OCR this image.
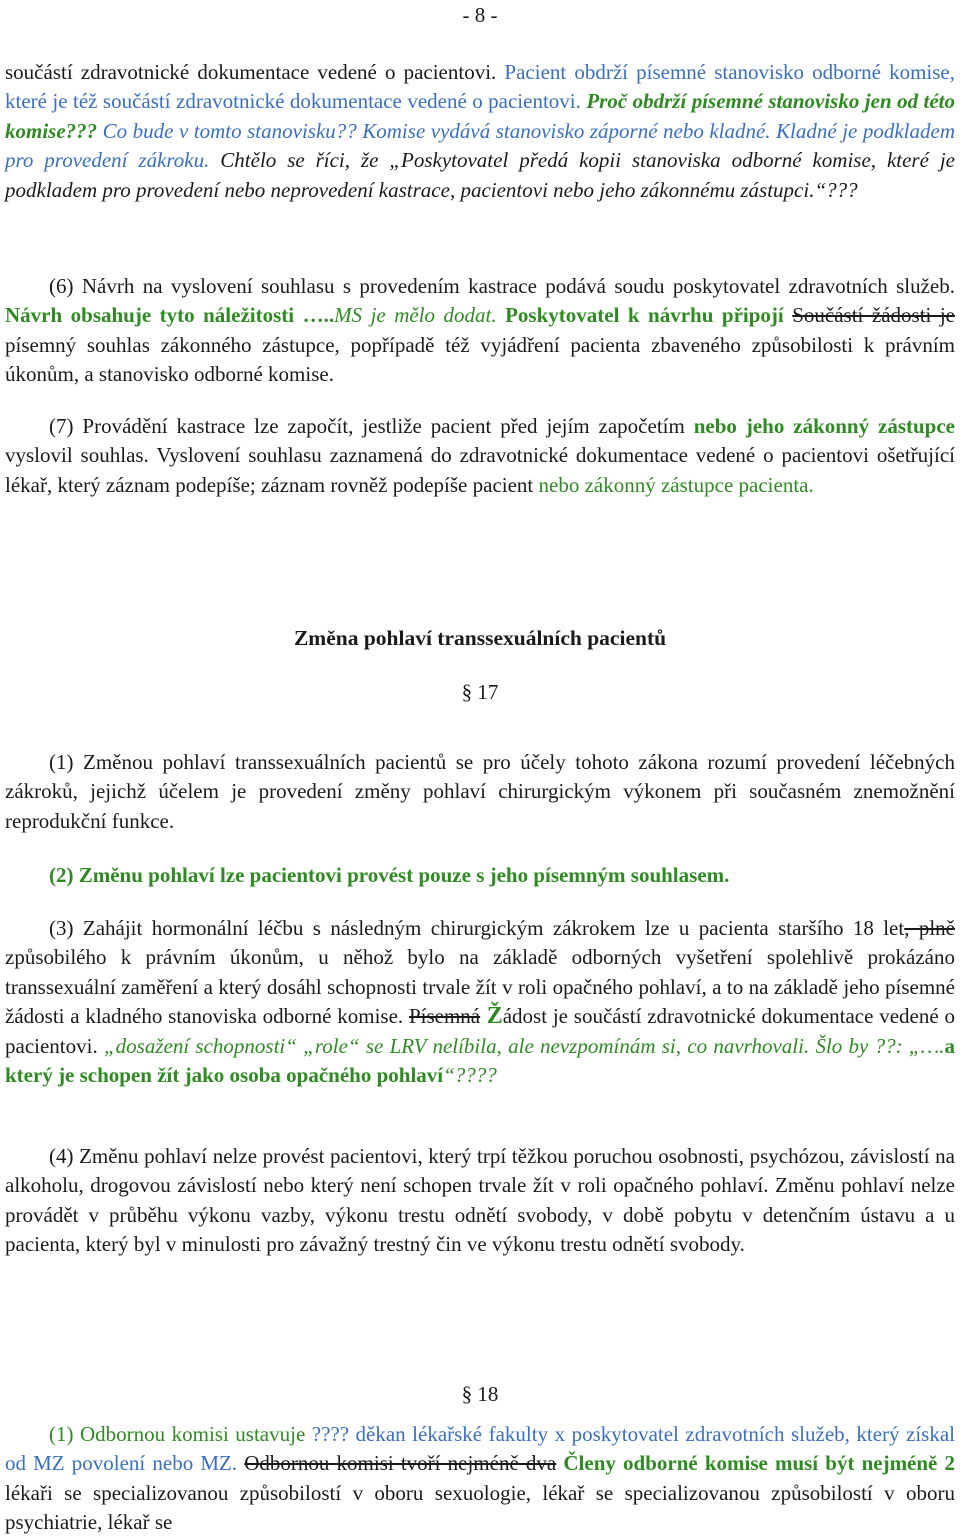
- 8 -

součástí zdravotnické dokumentace vedené o pacientovi. Pacient obdrží písemné stanovisko odborné komise, které je též součástí zdravotnické dokumentace vedené o pacientovi. Proč obdrží písemné stanovisko jen od této komise??? Co bude v tomto stanovisku?? Komise vydává stanovisko záporné nebo kladné. Kladné je podkladem pro provedení zákroku. Chtělo se říci, že „Poskytovatel předá kopii stanoviska odborné komise, které je podkladem pro provedení nebo neprovedení kastrace, pacientovi nebo jeho zákonnému zástupci.“???

(6) Návrh na vyslovení souhlasu s provedením kastrace podává soudu poskytovatel zdravotních služeb. Návrh obsahuje tyto náležitosti …..MS je mělo dodat. Poskytovatel k návrhu připojí Součástí žádosti je písemný souhlas zákonného zástupce, popřípadě též vyjádření pacienta zbaveného způsobilosti k právním úkonům, a stanovisko odborné komise.

(7) Provádění kastrace lze započít, jestliže pacient před jejím započetím nebo jeho zákonný zástupce vyslovil souhlas. Vyslovení souhlasu zaznamená do zdravotnické dokumentace vedené o pacientovi ošetřující lékař, který záznam podepíše; záznam rovněž podepíše pacient nebo zákonný zástupce pacienta.

Změna pohlaví transsexuálních pacientů
§ 17

(1) Změnou pohlaví transsexuálních pacientů se pro účely tohoto zákona rozumí provedení léčebných zákroků, jejichž účelem je provedení změny pohlaví chirurgickým výkonem při současném znemožnění reprodukční funkce.

(2) Změnu pohlaví lze pacientovi provést pouze s jeho písemným souhlasem.

(3) Zahájit hormonální léčbu s následným chirurgickým zákrokem lze u pacienta staršího 18 let, plně způsobilého k právním úkonům, u něhož bylo na základě odborných vyšetření spolehlivě prokázáno transsexuální zaměření a který dosáhl schopnosti trvale žít v roli opačného pohlaví, a to na základě jeho písemné žádosti a kladného stanoviska odborné komise. Písemná Žádost je součástí zdravotnické dokumentace vedené o pacientovi. „dosažení schopnosti“ „role“ se LRV nelíbila, ale nevzpomínám si, co navrhovali. Šlo by ??: „….a který je schopen žít jako osoba opačného pohlaví“????

(4) Změnu pohlaví nelze provést pacientovi, který trpí těžkou poruchou osobnosti, psychózou, závislostí na alkoholu, drogovou závislostí nebo který není schopen trvale žít v roli opačného pohlaví. Změnu pohlaví nelze provádět v průběhu výkonu vazby, výkonu trestu odnětí svobody, v době pobytu v detenčním ústavu a u pacienta, který byl v minulosti pro závažný trestný čin ve výkonu trestu odnětí svobody.

§ 18

(1) Odbornou komisi ustavuje ???? děkan lékařské fakulty x poskytovatel zdravotních služeb, který získal od MZ povolení nebo MZ. Odbornou komisi tvoří nejméně dva Členy odborné komise musí být nejméně 2 lékaři se specializovanou způsobilostí v oboru sexuologie, lékař se specializovanou způsobilostí v oboru psychiatrie, lékař se
